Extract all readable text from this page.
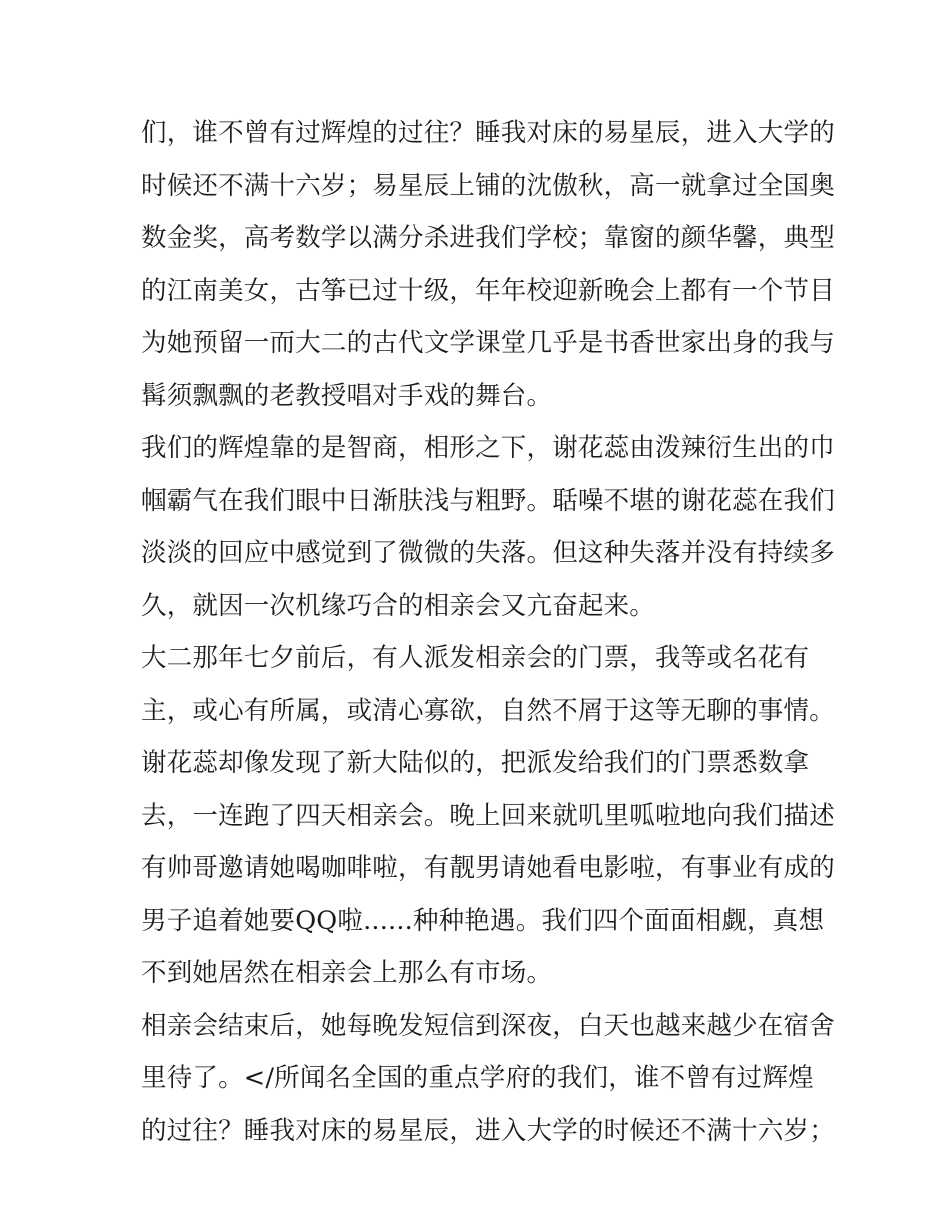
们，谁不曾有过辉煌的过往？睡我对床的易星辰，进入大学的
时候还不满十六岁；易星辰上铺的沈傲秋，高一就拿过全国奥
数金奖，高考数学以满分杀进我们学校；靠窗的颜华馨，典型
的江南美女，古筝已过十级，年年校迎新晚会上都有一个节目
为她预留一而大二的古代文学课堂几乎是书香世家出身的我与
髯须飘飘的老教授唱对手戏的舞台。
我们的辉煌靠的是智商，相形之下，谢花蕊由泼辣衍生出的巾
帼霸气在我们眼中日渐肤浅与粗野。聒噪不堪的谢花蕊在我们
淡淡的回应中感觉到了微微的失落。但这种失落并没有持续多
久，就因一次机缘巧合的相亲会又亢奋起来。
大二那年七夕前后，有人派发相亲会的门票，我等或名花有
主，或心有所属，或清心寡欲，自然不屑于这等无聊的事情。
谢花蕊却像发现了新大陆似的，把派发给我们的门票悉数拿
去，一连跑了四天相亲会。晚上回来就叽里呱啦地向我们描述
有帅哥邀请她喝咖啡啦，有靓男请她看电影啦，有事业有成的
男子追着她要QQ啦......种种艳遇。我们四个面面相觑，真想
不到她居然在相亲会上那么有市场。
相亲会结束后，她每晚发短信到深夜，白天也越来越少在宿舍
里待了。</所闻名全国的重点学府的我们，谁不曾有过辉煌
的过往？睡我对床的易星辰，进入大学的时候还不满十六岁；
